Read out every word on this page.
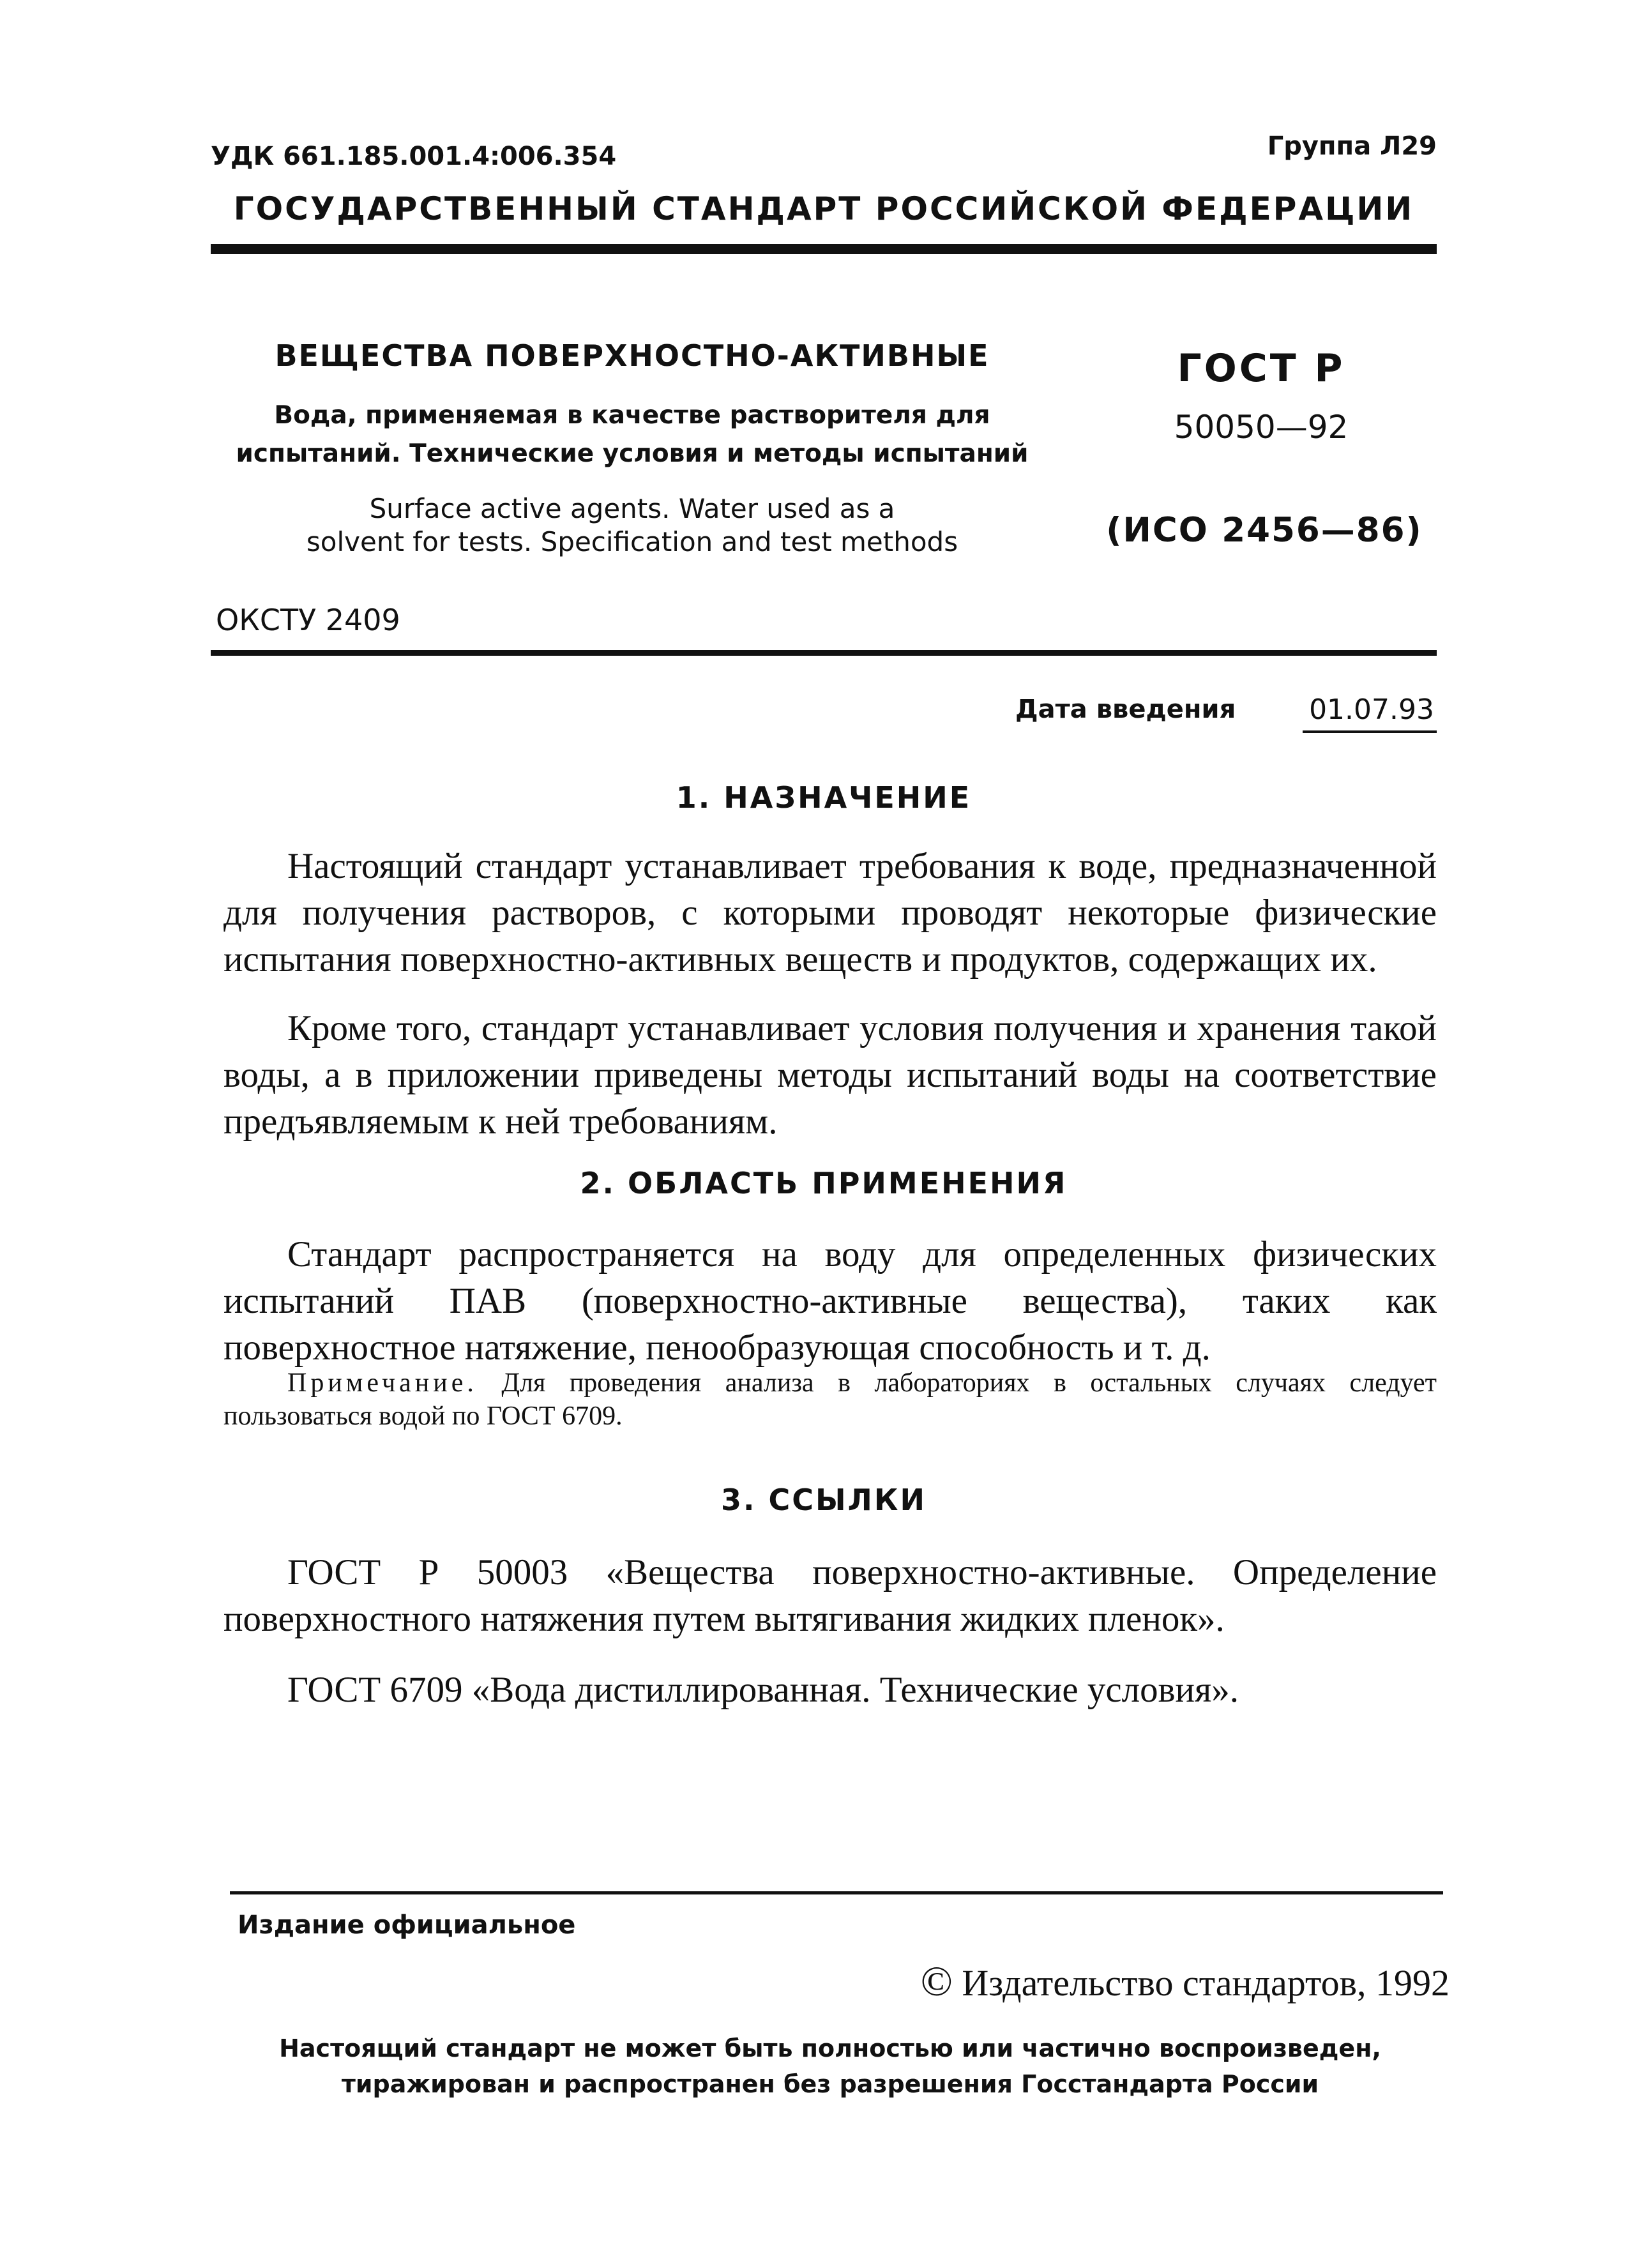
УДК 661.185.001.4:006.354	Группа Л29
ГОСУДАРСТВЕННЫЙ СТАНДАРТ РОССИЙСКОЙ ФЕДЕРАЦИИ
ВЕЩЕСТВА ПОВЕРХНОСТНО-АКТИВНЫЕ
Вода, применяемая в качестве растворителя для
испытаний. Технические условия и методы испытаний
Surface active agents. Water used as a
solvent for tests. Specification and test methods
ГОСТ Р
50050—92
(ИСО 2456—86)
ОКСТУ 2409
Дата введения	01.07.93
1. НАЗНАЧЕНИЕ
Настоящий стандарт устанавливает требования к воде, предназначенной для получения растворов, с которыми проводят некоторые физические испытания поверхностно-активных веществ и продуктов, содержащих их.
Кроме того, стандарт устанавливает условия получения и хранения такой воды, а в приложении приведены методы испытаний воды на соответствие предъявляемым к ней требованиям.
2. ОБЛАСТЬ ПРИМЕНЕНИЯ
Стандарт распространяется на воду для определенных физических испытаний ПАВ (поверхностно-активные вещества), таких как поверхностное натяжение, пенообразующая способность и т. д.
Примечание. Для проведения анализа в лабораториях в остальных случаях следует пользоваться водой по ГОСТ 6709.
3. ССЫЛКИ
ГОСТ Р 50003 «Вещества поверхностно-активные. Определение поверхностного натяжения путем вытягивания жидких пленок».
ГОСТ 6709 «Вода дистиллированная. Технические условия».
Издание официальное
© Издательство стандартов, 1992
Настоящий стандарт не может быть полностью или частично воспроизведен,
тиражирован и распространен без разрешения Госстандарта России
